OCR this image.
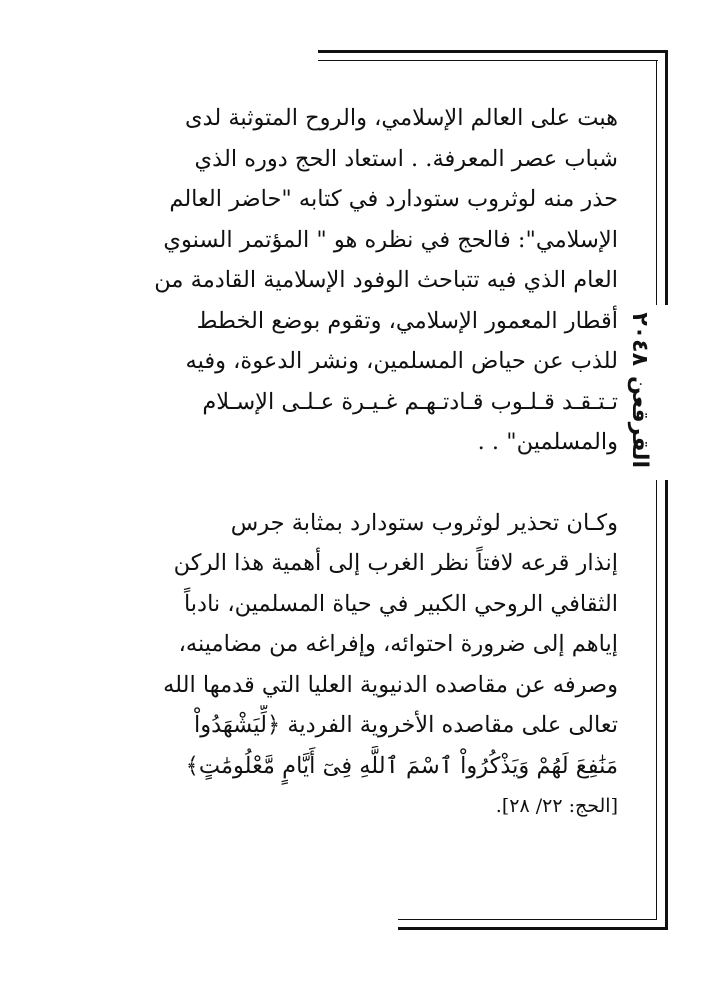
القرقعن
٢٠٤٨
هبت على العالم الإسلامي، والروح المتوثبة لدى
شباب عصر المعرفة. . استعاد الحج دوره الذي
حذر منه لوثروب ستودارد في كتابه "حاضر العالم
الإسلامي": فالحج في نظره هو " المؤتمر السنوي
العام الذي فيه تتباحث الوفود الإسلامية القادمة من
أقطار المعمور الإسلامي، وتقوم بوضع الخطط
للذب عن حياض المسلمين، ونشر الدعوة، وفيه
تـتـقـد قـلـوب قـادتـهـم غـيـرة عـلـى الإسـلام
والمسلمين" . .
وكـان تحذير لوثروب ستودارد بمثابة جرس
إنذار قرعه لافتاً نظر الغرب إلى أهمية هذا الركن
الثقافي الروحي الكبير في حياة المسلمين، نادباً
إياهم إلى ضرورة احتوائه، وإفراغه من مضامينه،
وصرفه عن مقاصده الدنيوية العليا التي قدمها الله
تعالى على مقاصده الأخروية الفردية ﴿لِّيَشْهَدُواْ
مَنَٰفِعَ لَهُمْ وَيَذْكُرُواْ ٱسْمَ ٱللَّهِ فِىٓ أَيَّامٍ مَّعْلُومَٰتٍ﴾
[الحج: ٢٢/ ٢٨].
